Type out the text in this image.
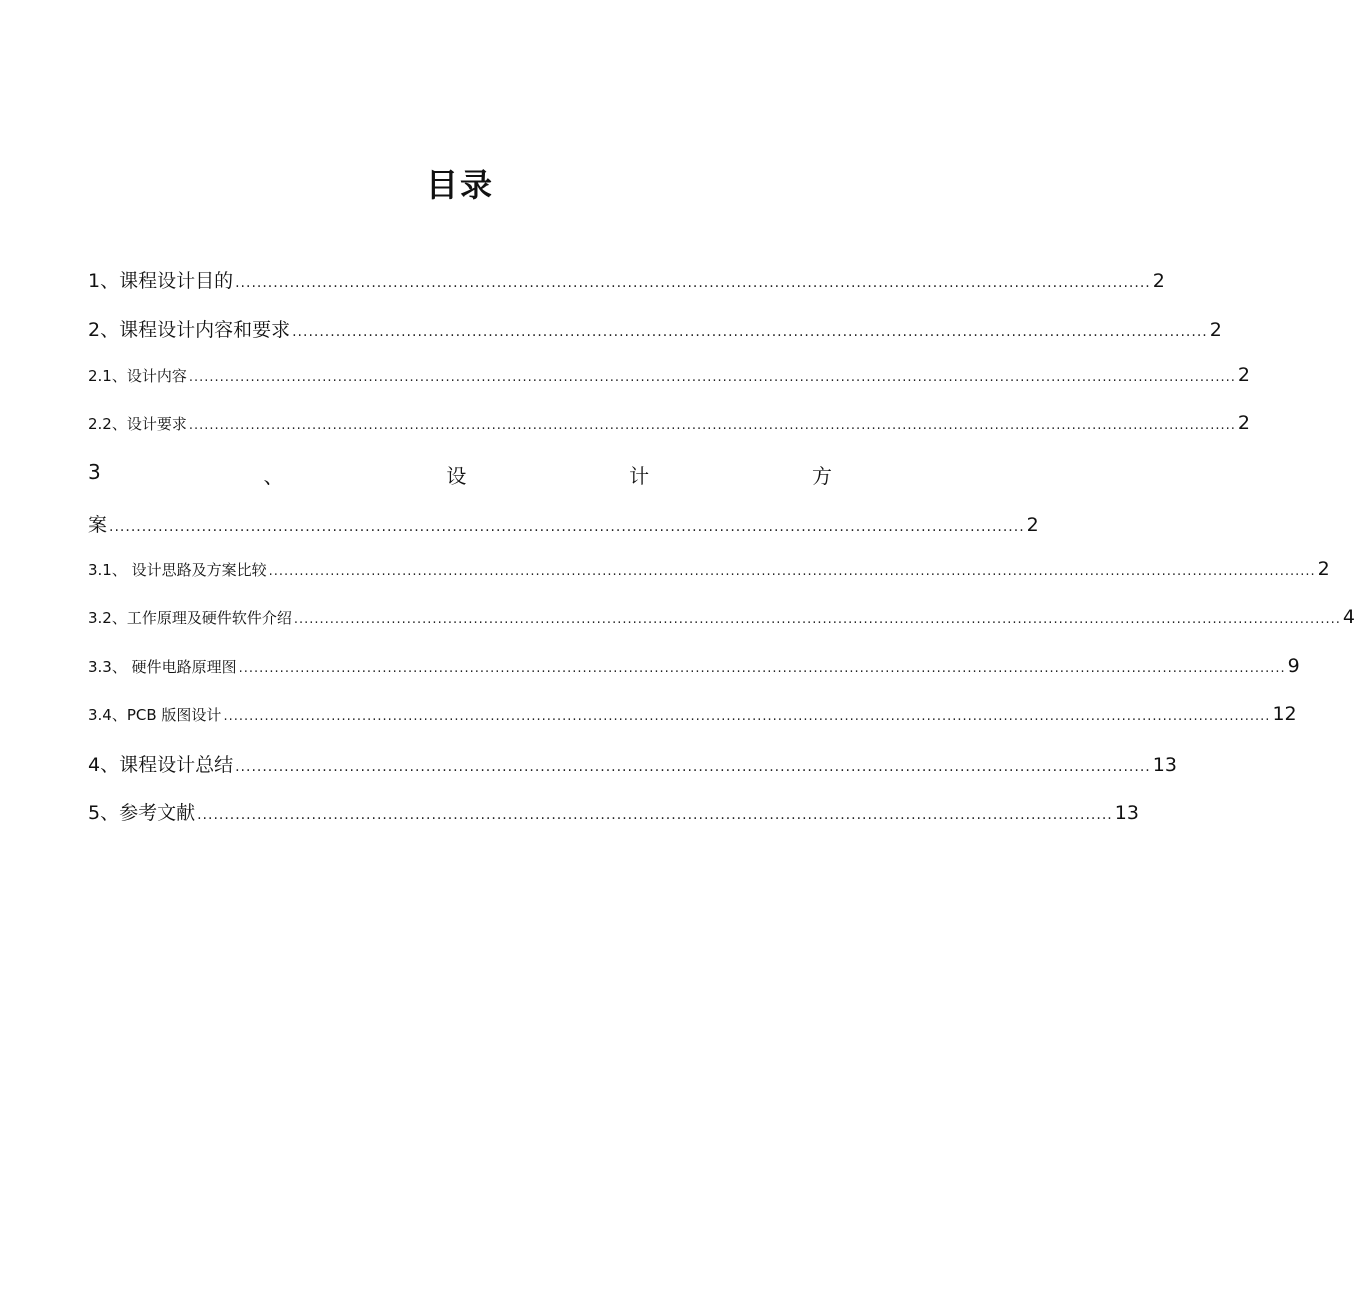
目录
1、课程设计目的 ........................................................................................................................................................................ 2
2、课程设计内容和要求 ........................................................................................................................................................................ 2
2.1、设计内容 ............................................................................................................................................................................................................ 2
2.2、设计要求 ............................................................................................................................................................................................................ 2
3	、	设	计	方
案 ........................................................................................................................................................................ 2
3.1、 设计思路及方案比较 ............................................................................................................................................................................................................ 2
3.2、工作原理及硬件软件介绍 ............................................................................................................................................................................................................ 4
3.3、 硬件电路原理图 ............................................................................................................................................................................................................ 9
3.4、PCB 版图设计 ............................................................................................................................................................................................................ 12
4、课程设计总结 ........................................................................................................................................................................ 13
5、参考文献 ........................................................................................................................................................................ 13
